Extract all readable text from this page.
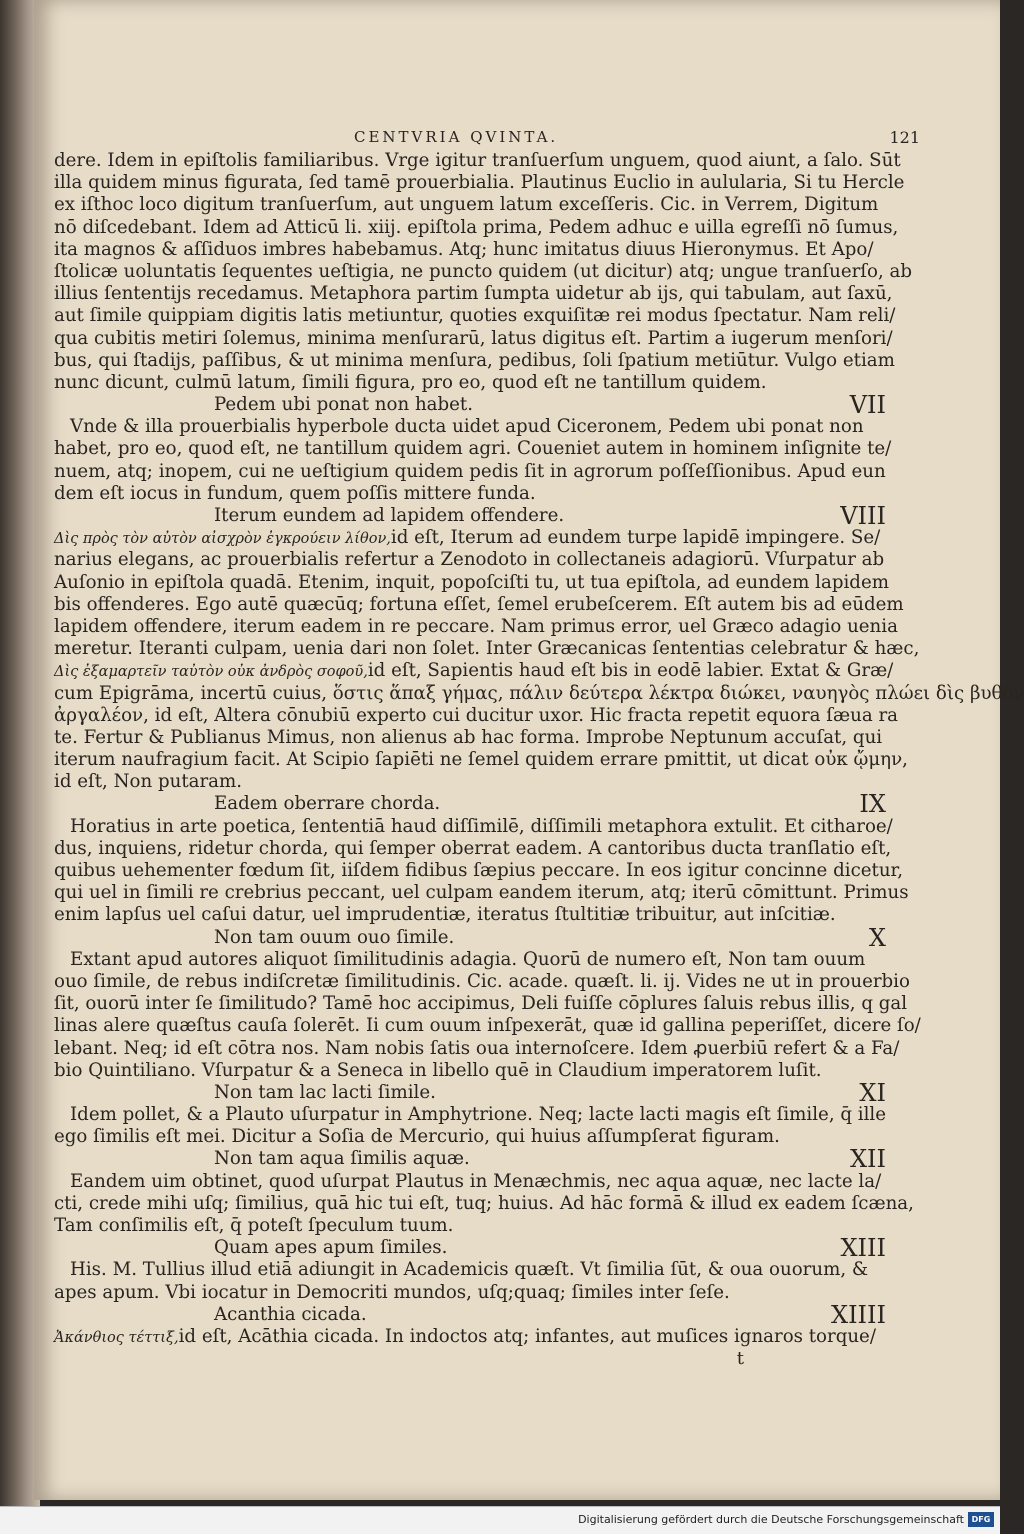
CENTVRIA QVINTA.	121
dere. Idem in epiſtolis familiaribus. Vrge igitur tranſuerſum unguem, quod aiunt, a ſalo. Sūt
illa quidem minus figurata, ſed tamē prouerbialia. Plautinus Euclio in aulularia, Si tu Hercle
ex iſthoc loco digitum tranſuerſum, aut unguem latum exceſſeris. Cic. in Verrem, Digitum
nō diſcedebant. Idem ad Atticū li. xiij. epiſtola prima, Pedem adhuc e uilla egreſſi nō ſumus,
ita magnos & aſſiduos imbres habebamus. Atq; hunc imitatus diuus Hieronymus. Et Apo/
ſtolicæ uoluntatis ſequentes ueſtigia, ne puncto quidem (ut dicitur) atq; ungue tranſuerſo, ab
illius ſententijs recedamus. Metaphora partim ſumpta uidetur ab ijs, qui tabulam, aut ſaxū,
aut ſimile quippiam digitis latis metiuntur, quoties exquiſitæ rei modus ſpectatur. Nam reli/
qua cubitis metiri ſolemus, minima menſurarū, latus digitus eſt. Partim a iugerum menſori/
bus, qui ſtadijs, paſſibus, & ut minima menſura, pedibus, ſoli ſpatium metiūtur. Vulgo etiam
nunc dicunt, culmū latum, ſimili figura, pro eo, quod eſt ne tantillum quidem.
Pedem ubi ponat non habet.	VII
Vnde & illa prouerbialis hyperbole ducta uidet apud Ciceronem, Pedem ubi ponat non
habet, pro eo, quod eſt, ne tantillum quidem agri. Coueniet autem in hominem inſignite te/
nuem, atq; inopem, cui ne ueſtigium quidem pedis ſit in agrorum poſſeſſionibus. Apud eun
dem eſt iocus in fundum, quem poſſis mittere funda.
Iterum eundem ad lapidem offendere.	VIII
Δὶς πρὸς τὸν αὐτὸν αἰσχρὸν ἐγκρούειν λίθον,id eſt, Iterum ad eundem turpe lapidē impingere. Se/
narius elegans, ac prouerbialis refertur a Zenodoto in collectaneis adagiorū. Vſurpatur ab
Auſonio in epiſtola quadā. Etenim, inquit, popoſciſti tu, ut tua epiſtola, ad eundem lapidem
bis offenderes. Ego autē quæcūq; fortuna eſſet, ſemel erubeſcerem. Eſt autem bis ad eūdem
lapidem offendere, iterum eadem in re peccare. Nam primus error, uel Græco adagio uenia
meretur. Iteranti culpam, uenia dari non ſolet. Inter Græcanicas ſententias celebratur & hæc,
Δὶς ἐξαμαρτεῖν ταὐτὸν οὐκ ἀνδρὸς σοφοῦ,id eſt, Sapientis haud eſt bis in eodē labier. Extat & Græ/
cum Epigrāma, incertū cuius, ὅστις ἅπαξ γήμας, πάλιν δεύτερα λέκτρα διώκει, ναυηγὸς πλώει δὶς βυθὸν
ἀργαλέον, id eſt, Altera cōnubiū experto cui ducitur uxor. Hic fracta repetit equora ſæua ra
te. Fertur & Publianus Mimus, non alienus ab hac forma. Improbe Neptunum accuſat, qui
iterum naufragium facit. At Scipio ſapiēti ne ſemel quidem errare pmittit, ut dicat οὐκ ᾤμην,
id eſt, Non putaram.
Eadem oberrare chorda.	IX
Horatius in arte poetica, ſententiā haud diſſimilē, diſſimili metaphora extulit. Et citharoe/
dus, inquiens, ridetur chorda, qui ſemper oberrat eadem. A cantoribus ducta tranſlatio eſt,
quibus uehementer fœdum ſit, iiſdem fidibus ſæpius peccare. In eos igitur concinne dicetur,
qui uel in ſimili re crebrius peccant, uel culpam eandem iterum, atq; iterū cōmittunt. Primus
enim lapſus uel caſui datur, uel imprudentiæ, iteratus ſtultitiæ tribuitur, aut inſcitiæ.
Non tam ouum ouo ſimile.	X
Extant apud autores aliquot ſimilitudinis adagia. Quorū de numero eſt, Non tam ouum
ouo ſimile, de rebus indiſcretæ ſimilitudinis. Cic. acade. quæſt. li. ij. Vides ne ut in prouerbio
ſit, ouorū inter ſe ſimilitudo? Tamē hoc accipimus, Deli fuiſſe cōplures ſaluis rebus illis, q gal
linas alere quæſtus cauſa ſolerēt. Ii cum ouum inſpexerāt, quæ id gallina peperiſſet, dicere ſo/
lebant. Neq; id eſt cōtra nos. Nam nobis ſatis oua internoſcere. Idem ꝓuerbiū refert & a Fa/
bio Quintiliano. Vſurpatur & a Seneca in libello quē in Claudium imperatorem luſit.
Non tam lac lacti ſimile.	XI
Idem pollet, & a Plauto uſurpatur in Amphytrione. Neq; lacte lacti magis eſt ſimile, q̄ ille
ego ſimilis eſt mei. Dicitur a Soſia de Mercurio, qui huius aſſumpſerat figuram.
Non tam aqua ſimilis aquæ.	XII
Eandem uim obtinet, quod uſurpat Plautus in Menæchmis, nec aqua aquæ, nec lacte la/
cti, crede mihi uſq; ſimilius, quā hic tui eſt, tuq; huius. Ad hāc formā & illud ex eadem ſcæna,
Tam conſimilis eſt, q̄ poteſt ſpeculum tuum.
Quam apes apum ſimiles.	XIII
His. M. Tullius illud etiā adiungit in Academicis quæſt. Vt ſimilia ſūt, & oua ouorum, &
apes apum. Vbi iocatur in Democriti mundos, uſq;quaq; ſimiles inter ſeſe.
Acanthia cicada.	XIIII
Ἀκάνθιος τέττιξ,id eſt, Acāthia cicada. In indoctos atq; infantes, aut muſices ignaros torque/
t
Digitalisierung gefördert durch die Deutsche Forschungsgemeinschaft DFG
